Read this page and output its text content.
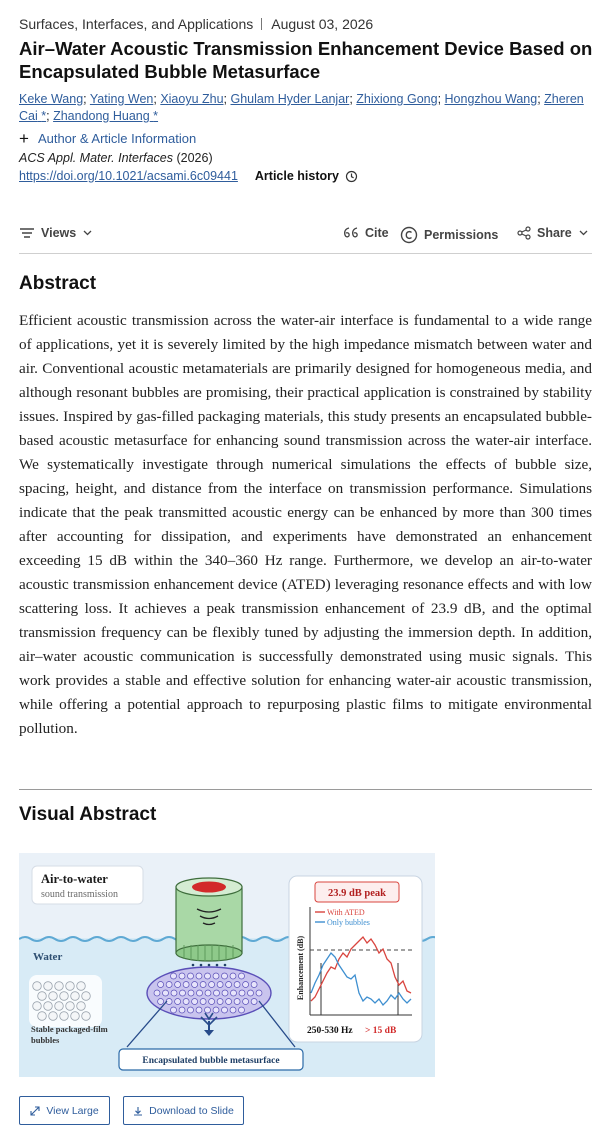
Surfaces, Interfaces, and Applications August 03, 2026
Air–Water Acoustic Transmission Enhancement Device Based on Encapsulated Bubble Metasurface
Keke Wang; Yating Wen; Xiaoyu Zhu; Ghulam Hyder Lanjar; Zhixiong Gong; Hongzhou Wang; Zheren Cai *; Zhandong Huang *
+ Author & Article Information
ACS Appl. Mater. Interfaces (2026)
https://doi.org/10.1021/acsami.6c09441 Article history
Views	Cite	Permissions	Share
Abstract

Efficient acoustic transmission across the water-air interface is fundamental to a wide range of applications, yet it is severely limited by the high impedance mismatch between water and air. Conventional acoustic metamaterials are primarily designed for homogeneous media, and although resonant bubbles are promising, their practical application is constrained by stability issues. Inspired by gas-filled packaging materials, this study presents an encapsulated bubble-based acoustic metasurface for enhancing sound transmission across the water-air interface. We systematically investigate through numerical simulations the effects of bubble size, spacing, height, and distance from the interface on transmission performance. Simulations indicate that the peak transmitted acoustic energy can be enhanced by more than 300 times after accounting for dissipation, and experiments have demonstrated an enhancement exceeding 15 dB within the 340–360 Hz range. Furthermore, we develop an air-to-water acoustic transmission enhancement device (ATED) leveraging resonance effects and with low scattering loss. It achieves a peak transmission enhancement of 23.9 dB, and the optimal transmission frequency can be flexibly tuned by adjusting the immersion depth. In addition, air–water acoustic communication is successfully demonstrated using music signals. This work provides a stable and effective solution for enhancing water-air acoustic transmission, while offering a potential approach to repurposing plastic films to mitigate environmental pollution.

Visual Abstract
Air-to-water
sound transmission
Water
Stable packaged-film
bubbles
Encapsulated bubble metasurface
23.9 dB peak
Enhancement (dB)
With ATED
Only bubbles
250-530 Hz > 15 dB
View Large	Download to Slide
